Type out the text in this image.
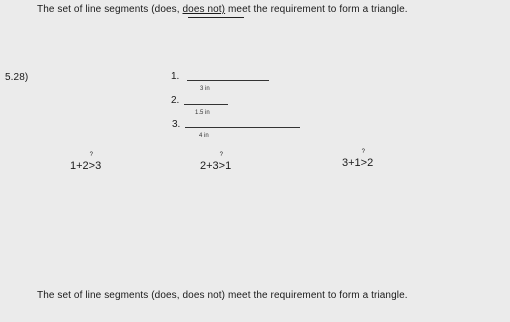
The set of line segments (does, does not) meet the requirement to form a triangle.
5.28)	1.
3 in
2.
1.5 in
3.
4 in
1+2>
?
3	2+3>
?
1	3+1>
?
2
The set of line segments (does, does not) meet the requirement to form a triangle.
